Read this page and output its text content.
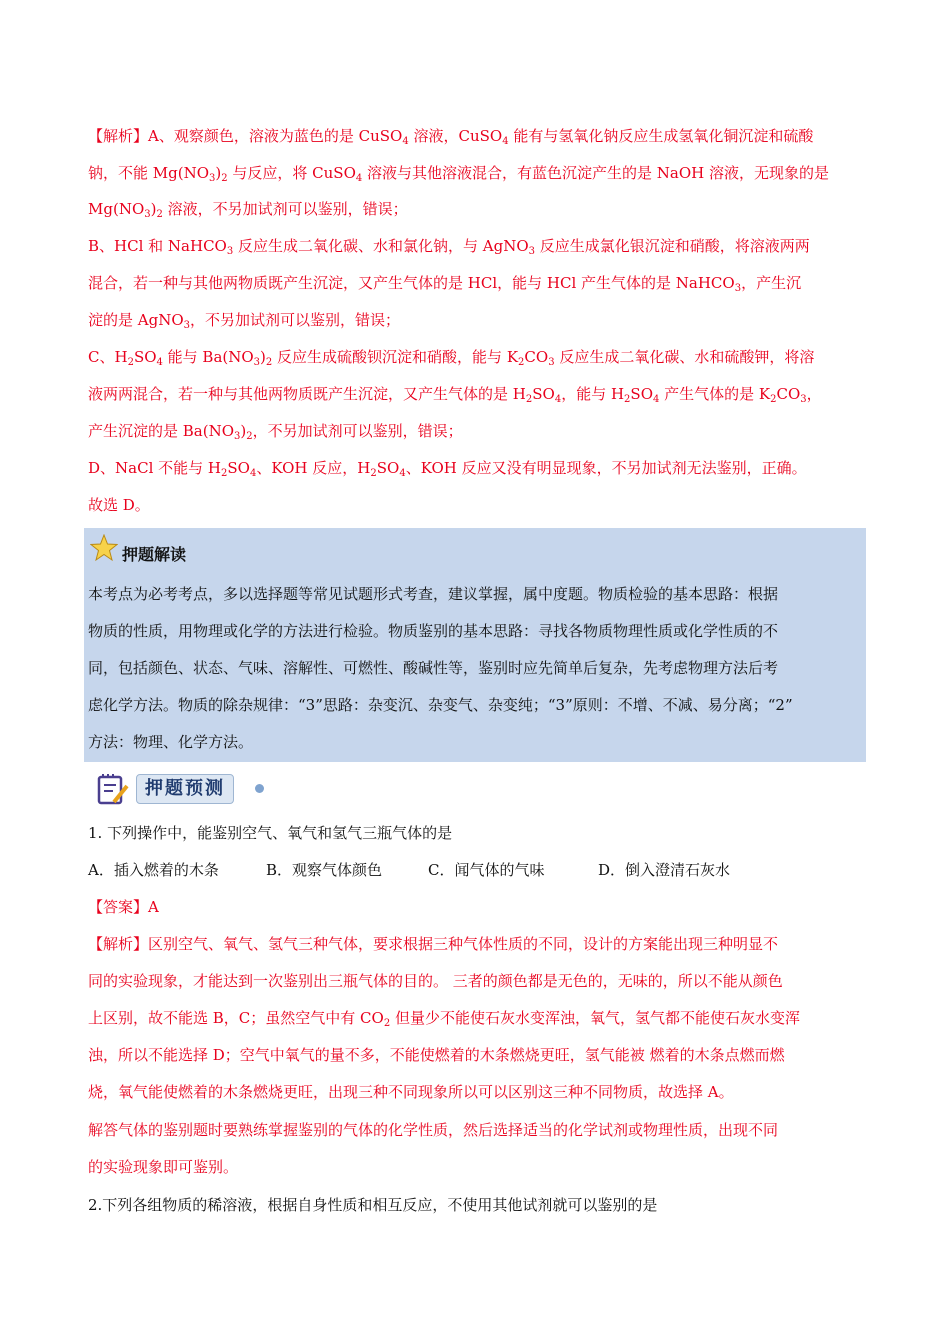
【解析】A、观察颜色，溶液为蓝色的是 CuSO$_4$ 溶液，CuSO$_4$ 能有与氢氧化钠反应生成氢氧化铜沉淀和硫酸
钠，不能 $Mg(NO_3)_2$ 与反应，将 CuSO$_4$ 溶液与其他溶液混合，有蓝色沉淀产生的是 NaOH 溶液，无现象的是
$Mg(NO_3)_2$ 溶液，不另加试剂可以鉴别，错误；
B、HCl 和 NaHCO$_3$ 反应生成二氧化碳、水和氯化钠，与 AgNO$_3$ 反应生成氯化银沉淀和硝酸，将溶液两两
混合，若一种与其他两物质既产生沉淀，又产生气体的是 HCl，能与 HCl 产生气体的是 NaHCO$_3$，产生沉
淀的是 AgNO$_3$，不另加试剂可以鉴别，错误；
C、$H_2SO_4$ 能与 $Ba(NO_3)_2$ 反应生成硫酸钡沉淀和硝酸，能与 $K_2CO_3$ 反应生成二氧化碳、水和硫酸钾，将溶
液两两混合，若一种与其他两物质既产生沉淀，又产生气体的是 $H_2SO_4$，能与 $H_2SO_4$ 产生气体的是 $K_2CO_3$，
产生沉淀的是 $Ba(NO_3)_2$，不另加试剂可以鉴别，错误；
D、NaCl 不能与 $H_2SO_4$、KOH 反应，$H_2SO_4$、KOH 反应又没有明显现象，不另加试剂无法鉴别，正确。
故选 D。
押题解读
本考点为必考考点，多以选择题等常见试题形式考查，建议掌握，属中度题。物质检验的基本思路：根据
物质的性质，用物理或化学的方法进行检验。物质鉴别的基本思路：寻找各物质物理性质或化学性质的不
同，包括颜色、状态、气味、溶解性、可燃性、酸碱性等，鉴别时应先简单后复杂，先考虑物理方法后考
虑化学方法。物质的除杂规律：“3”思路：杂变沉、杂变气、杂变纯；“3”原则：不增、不减、易分离；“2”
方法：物理、化学方法。
押题预测
1. 下列操作中，能鉴别空气、氧气和氢气三瓶气体的是
A．插入燃着的木条	B．观察气体颜色	C．闻气体的气味	D．倒入澄清石灰水
【答案】A
【解析】区别空气、氧气、氢气三种气体，要求根据三种气体性质的不同，设计的方案能出现三种明显不
同的实验现象，才能达到一次鉴别出三瓶气体的目的。 三者的颜色都是无色的，无味的，所以不能从颜色
上区别，故不能选 B，C；虽然空气中有 $CO_2$ 但量少不能使石灰水变浑浊，氧气，氢气都不能使石灰水变浑
浊，所以不能选择 D；空气中氧气的量不多，不能使燃着的木条燃烧更旺，氢气能被 燃着的木条点燃而燃
烧，氧气能使燃着的木条燃烧更旺，出现三种不同现象所以可以区别这三种不同物质，故选择 A。
解答气体的鉴别题时要熟练掌握鉴别的气体的化学性质，然后选择适当的化学试剂或物理性质，出现不同
的实验现象即可鉴别。
2.下列各组物质的稀溶液，根据自身性质和相互反应，不使用其他试剂就可以鉴别的是
